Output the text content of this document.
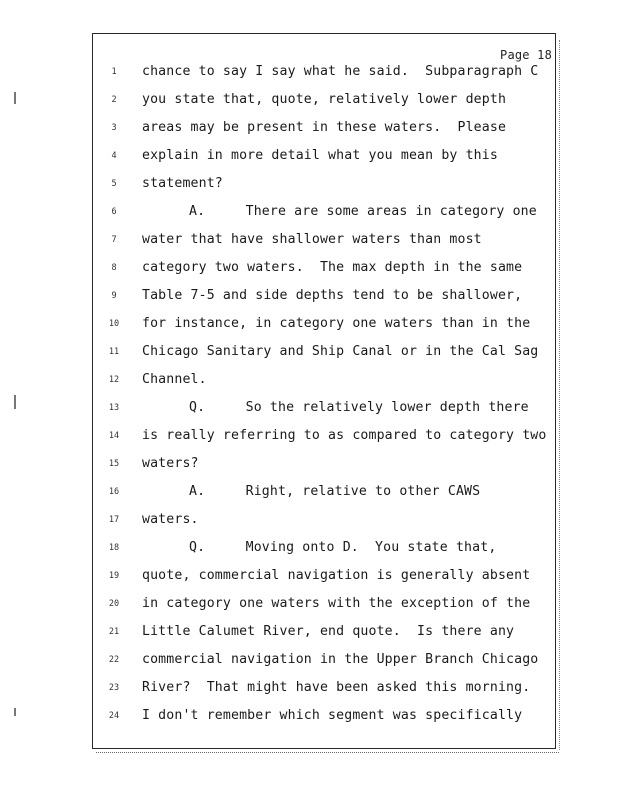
Page 18
1	chance to say I say what he said.  Subparagraph C
2	you state that, quote, relatively lower depth
3	areas may be present in these waters.  Please
4	explain in more detail what you mean by this
5	statement?
6	A.     There are some areas in category one
7	water that have shallower waters than most
8	category two waters.  The max depth in the same
9	Table 7-5 and side depths tend to be shallower,
10	for instance, in category one waters than in the
11	Chicago Sanitary and Ship Canal or in the Cal Sag
12	Channel.
13	Q.     So the relatively lower depth there
14	is really referring to as compared to category two
15	waters?
16	A.     Right, relative to other CAWS
17	waters.
18	Q.     Moving onto D.  You state that,
19	quote, commercial navigation is generally absent
20	in category one waters with the exception of the
21	Little Calumet River, end quote.  Is there any
22	commercial navigation in the Upper Branch Chicago
23	River?  That might have been asked this morning.
24	I don't remember which segment was specifically
